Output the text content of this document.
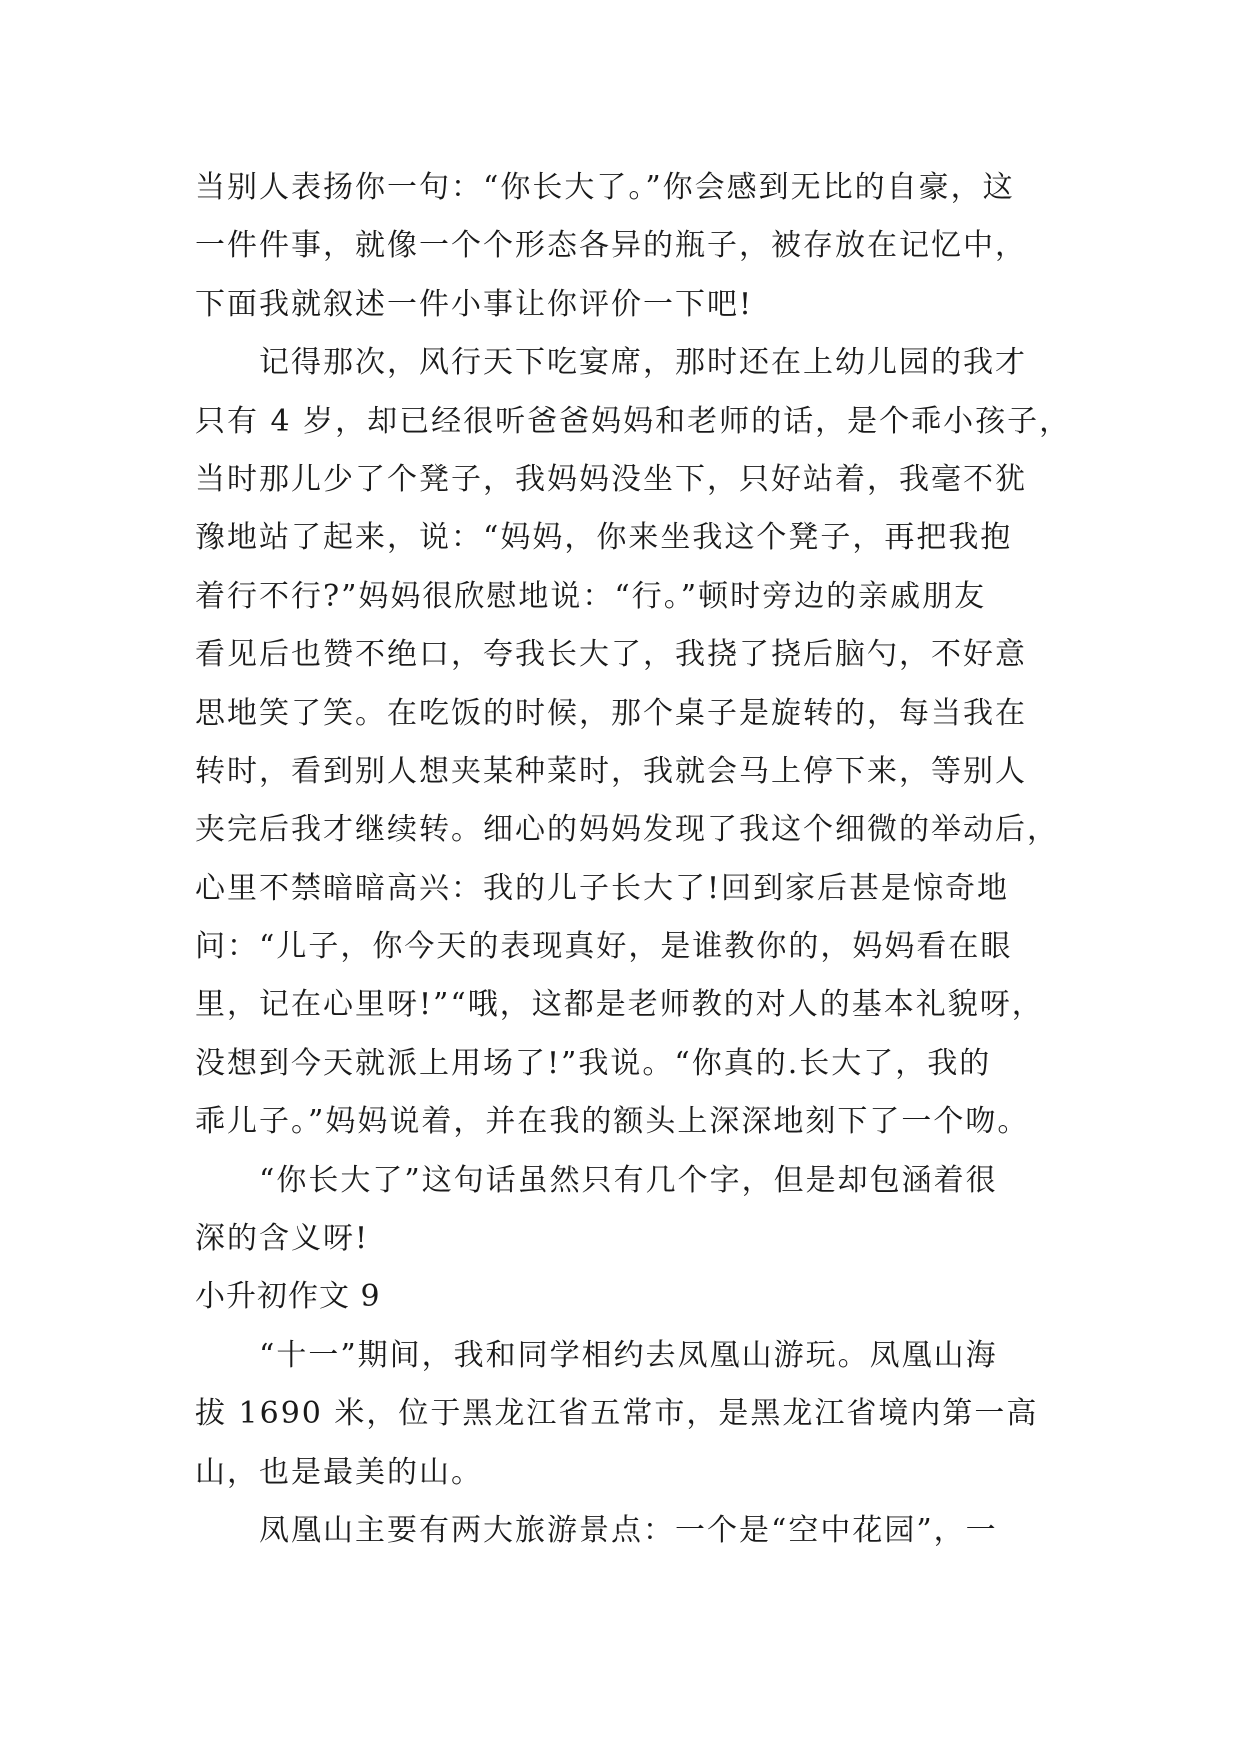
当别人表扬你一句：“你长大了。”你会感到无比的自豪，这
一件件事，就像一个个形态各异的瓶子，被存放在记忆中，
下面我就叙述一件小事让你评价一下吧!
记得那次，风行天下吃宴席，那时还在上幼儿园的我才
只有 4 岁，却已经很听爸爸妈妈和老师的话，是个乖小孩子，
当时那儿少了个凳子，我妈妈没坐下，只好站着，我毫不犹
豫地站了起来，说：“妈妈，你来坐我这个凳子，再把我抱
着行不行?”妈妈很欣慰地说：“行。”顿时旁边的亲戚朋友
看见后也赞不绝口，夸我长大了，我挠了挠后脑勺，不好意
思地笑了笑。在吃饭的时候，那个桌子是旋转的，每当我在
转时，看到别人想夹某种菜时，我就会马上停下来，等别人
夹完后我才继续转。细心的妈妈发现了我这个细微的举动后，
心里不禁暗暗高兴：我的儿子长大了!回到家后甚是惊奇地
问：“儿子，你今天的表现真好，是谁教你的，妈妈看在眼
里，记在心里呀!”“哦，这都是老师教的对人的基本礼貌呀，
没想到今天就派上用场了!”我说。“你真的.长大了，我的
乖儿子。”妈妈说着，并在我的额头上深深地刻下了一个吻。
“你长大了”这句话虽然只有几个字，但是却包涵着很
深的含义呀!
小升初作文 9
“十一”期间，我和同学相约去凤凰山游玩。凤凰山海
拔 1690 米，位于黑龙江省五常市，是黑龙江省境内第一高
山，也是最美的山。
凤凰山主要有两大旅游景点：一个是“空中花园”，一
